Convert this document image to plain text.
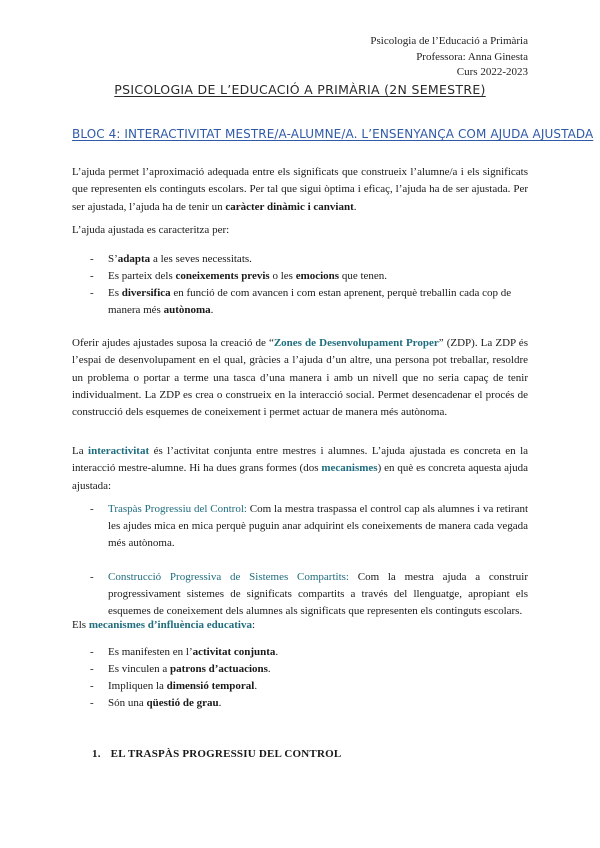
Psicologia de l’Educació a Primària
Professora: Anna Ginesta
Curs 2022-2023
PSICOLOGIA DE L’EDUCACIÓ A PRIMÀRIA (2N SEMESTRE)
BLOC 4: INTERACTIVITAT MESTRE/A-ALUMNE/A. L’ENSENYANÇA COM AJUDA AJUSTADA

L’ajuda permet l’aproximació adequada entre els significats que construeix l’alumne/a i els significats que representen els continguts escolars. Per tal que sigui òptima i eficaç, l’ajuda ha de ser ajustada. Per ser ajustada, l’ajuda ha de tenir un caràcter dinàmic i canviant.

L’ajuda ajustada es caracteritza per:

- S’adapta a les seves necessitats.
- Es parteix dels coneixements previs o les emocions que tenen.
- Es diversifica en funció de com avancen i com estan aprenent, perquè treballin cada cop de manera més autònoma.

Oferir ajudes ajustades suposa la creació de “Zones de Desenvolupament Proper” (ZDP). La ZDP és l’espai de desenvolupament en el qual, gràcies a l’ajuda d’un altre, una persona pot treballar, resoldre un problema o portar a terme una tasca d’una manera i amb un nivell que no seria capaç de tenir individualment. La ZDP es crea o construeix en la interacció social. Permet desencadenar el procés de construcció dels esquemes de coneixement i permet actuar de manera més autònoma.

La interactivitat és l’activitat conjunta entre mestres i alumnes. L’ajuda ajustada es concreta en la interacció mestre-alumne. Hi ha dues grans formes (dos mecanismes) en què es concreta aquesta ajuda ajustada:

- Traspàs Progressiu del Control: Com la mestra traspassa el control cap als alumnes i va retirant les ajudes mica en mica perquè puguin anar adquirint els coneixements de manera cada vegada més autònoma.
- Construcció Progressiva de Sistemes Compartits: Com la mestra ajuda a construir progressivament sistemes de significats compartits a través del llenguatge, apropiant els esquemes de coneixement dels alumnes als significats que representen els continguts escolars.

Els mecanismes d’influència educativa:

- Es manifesten en l’activitat conjunta.
- Es vinculen a patrons d’actuacions.
- Impliquen la dimensió temporal.
- Són una qüestió de grau.
1. EL TRASPÀS PROGRESSIU DEL CONTROL
